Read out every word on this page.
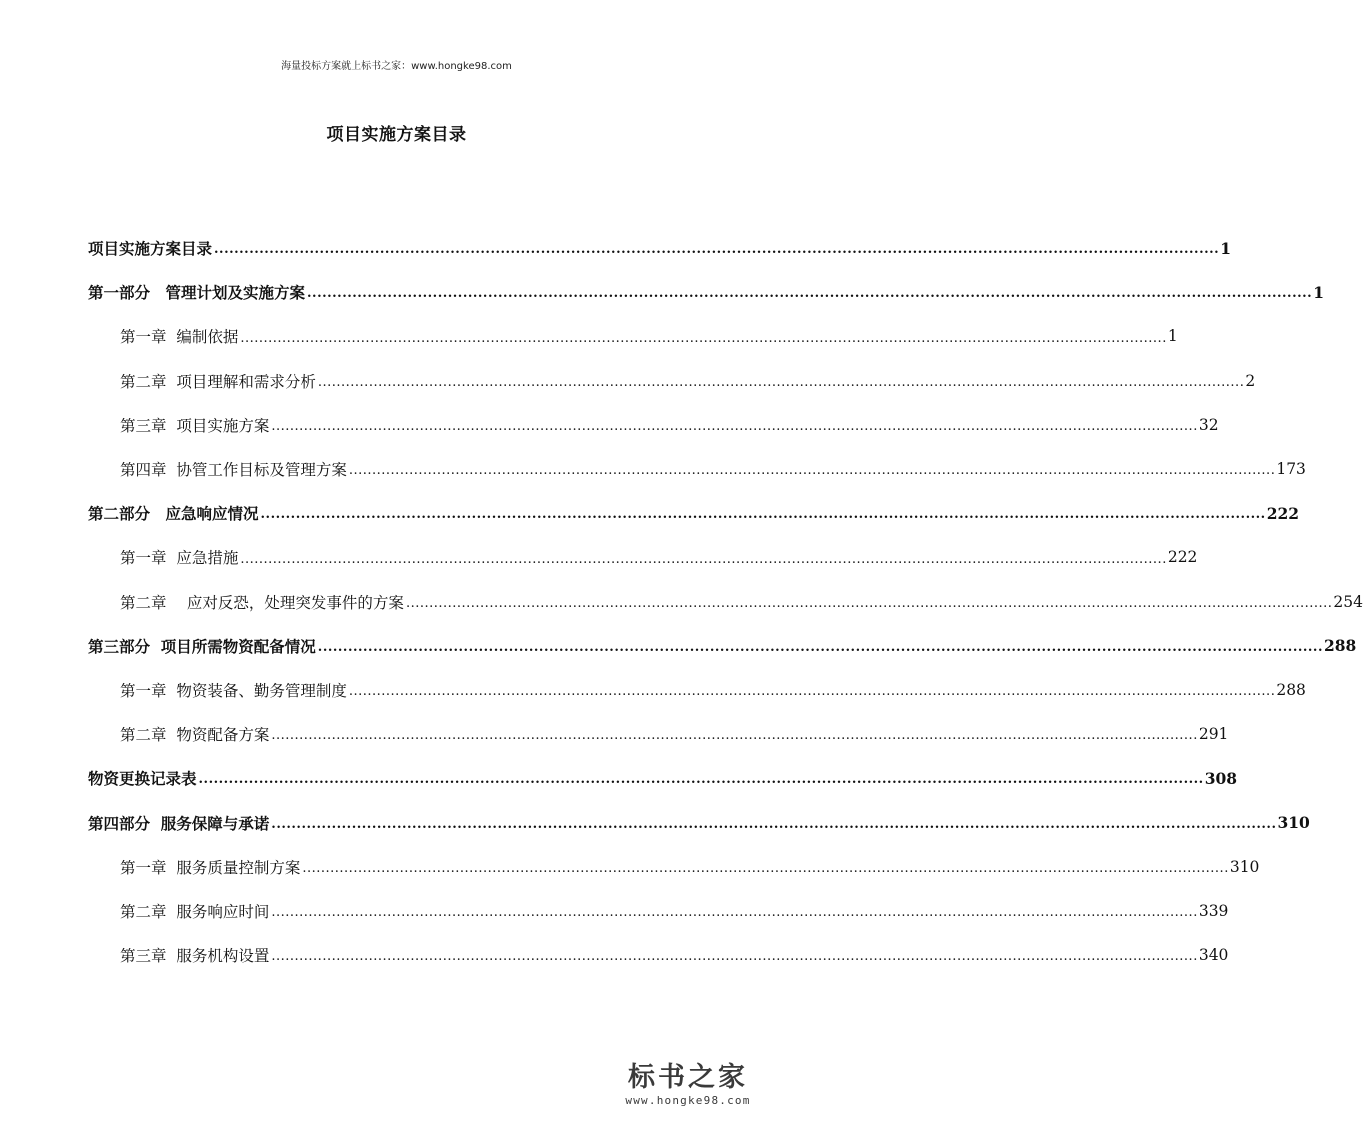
海量投标方案就上标书之家：www.hongke98.com
项目实施方案目录
项目实施方案目录 ........................................................................................................................................................................................................ 1
第一部分　管理计划及实施方案 ........................................................................................................................................................................................................ 1
第一章  编制依据 ........................................................................................................................................................................................................ 1
第二章  项目理解和需求分析 ........................................................................................................................................................................................................ 2
第三章  项目实施方案 ........................................................................................................................................................................................................ 32
第四章  协管工作目标及管理方案 ........................................................................................................................................................................................................ 173
第二部分　应急响应情况 ........................................................................................................................................................................................................ 222
第一章  应急措施 ........................................................................................................................................................................................................ 222
第二章　 应对反恐，处理突发事件的方案 ........................................................................................................................................................................................................ 254
第三部分  项目所需物资配备情况 ........................................................................................................................................................................................................ 288
第一章  物资装备、勤务管理制度 ........................................................................................................................................................................................................ 288
第二章  物资配备方案 ........................................................................................................................................................................................................ 291
物资更换记录表 ........................................................................................................................................................................................................ 308
第四部分  服务保障与承诺 ........................................................................................................................................................................................................ 310
第一章  服务质量控制方案 ........................................................................................................................................................................................................ 310
第二章  服务响应时间 ........................................................................................................................................................................................................ 339
第三章  服务机构设置 ........................................................................................................................................................................................................ 340
标书之家
www.hongke98.com
